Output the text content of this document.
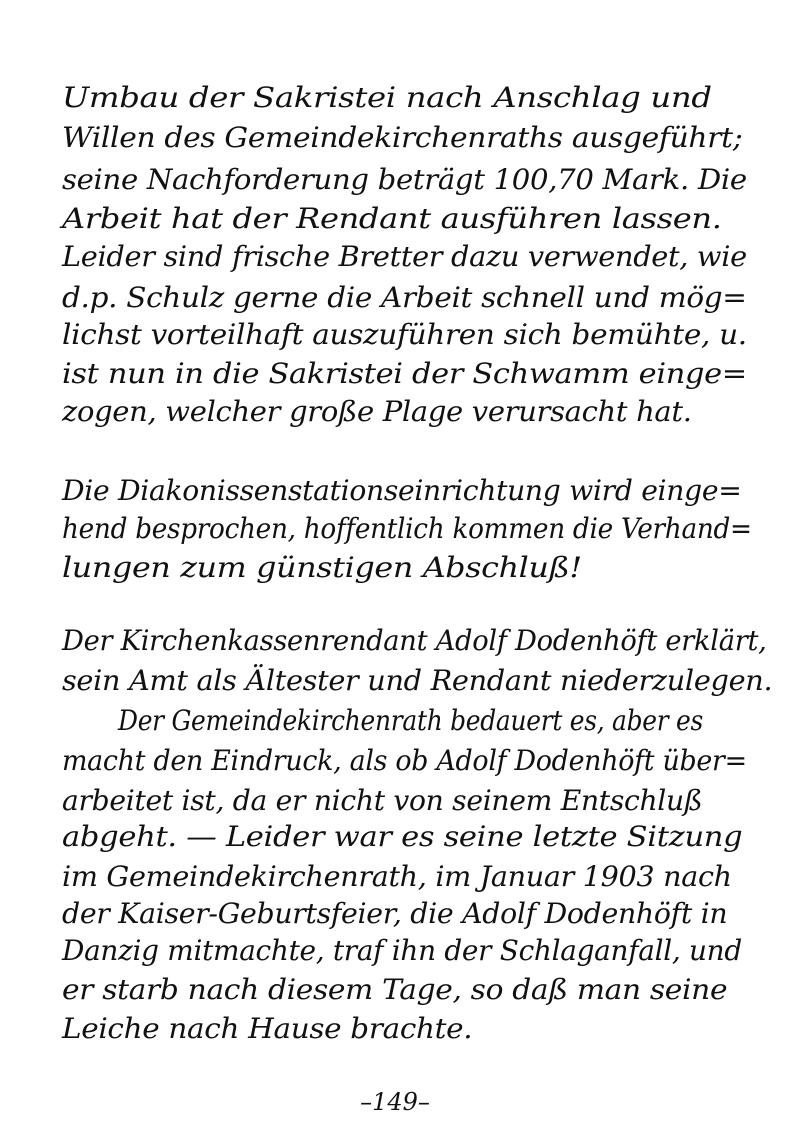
Umbau der Sakristei nach Anschlag und
Willen des Gemeindekirchenraths ausgeführt;
seine Nachforderung beträgt 100,70 Mark. Die
Arbeit hat der Rendant ausführen lassen.
Leider sind frische Bretter dazu verwendet, wie
d.p. Schulz gerne die Arbeit schnell und mög=
lichst vorteilhaft auszuführen sich bemühte, u.
ist nun in die Sakristei der Schwamm einge=
zogen, welcher große Plage verursacht hat.
Die Diakonissenstationseinrichtung wird einge=
hend besprochen, hoffentlich kommen die Verhand=
lungen zum günstigen Abschluß!
Der Kirchenkassenrendant Adolf Dodenhöft erklärt,
sein Amt als Ältester und Rendant niederzulegen.
Der Gemeindekirchenrath bedauert es, aber es
macht den Eindruck, als ob Adolf Dodenhöft über=
arbeitet ist, da er nicht von seinem Entschluß
abgeht. — Leider war es seine letzte Sitzung
im Gemeindekirchenrath, im Januar 1903 nach
der Kaiser-Geburtsfeier, die Adolf Dodenhöft in
Danzig mitmachte, traf ihn der Schlaganfall, und
er starb nach diesem Tage, so daß man seine
Leiche nach Hause brachte.
–149–
